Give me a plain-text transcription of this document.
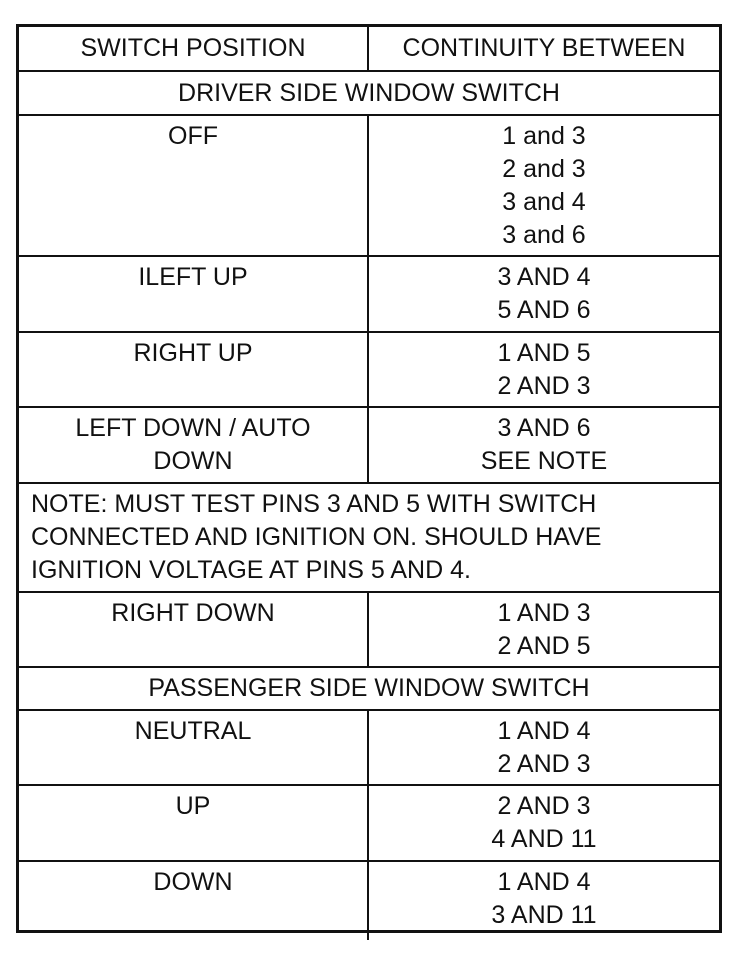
SWITCH POSITION	CONTINUITY BETWEEN
DRIVER SIDE WINDOW SWITCH	

OFF	1 and 3
2 and 3
3 and 4
3 and 6

ILEFT UP	3 AND 4
5 AND 6

RIGHT UP	1 AND 5
2 AND 3

LEFT DOWN / AUTO
DOWN	3 AND 6
SEE NOTE

NOTE: MUST TEST PINS 3 AND 5 WITH SWITCH
CONNECTED AND IGNITION ON. SHOULD HAVE
IGNITION VOLTAGE AT PINS 5 AND 4.	

RIGHT DOWN	1 AND 3
2 AND 5

PASSENGER SIDE WINDOW SWITCH	

NEUTRAL	1 AND 4
2 AND 3

UP	2 AND 3
4 AND 11

DOWN	1 AND 4
3 AND 11
